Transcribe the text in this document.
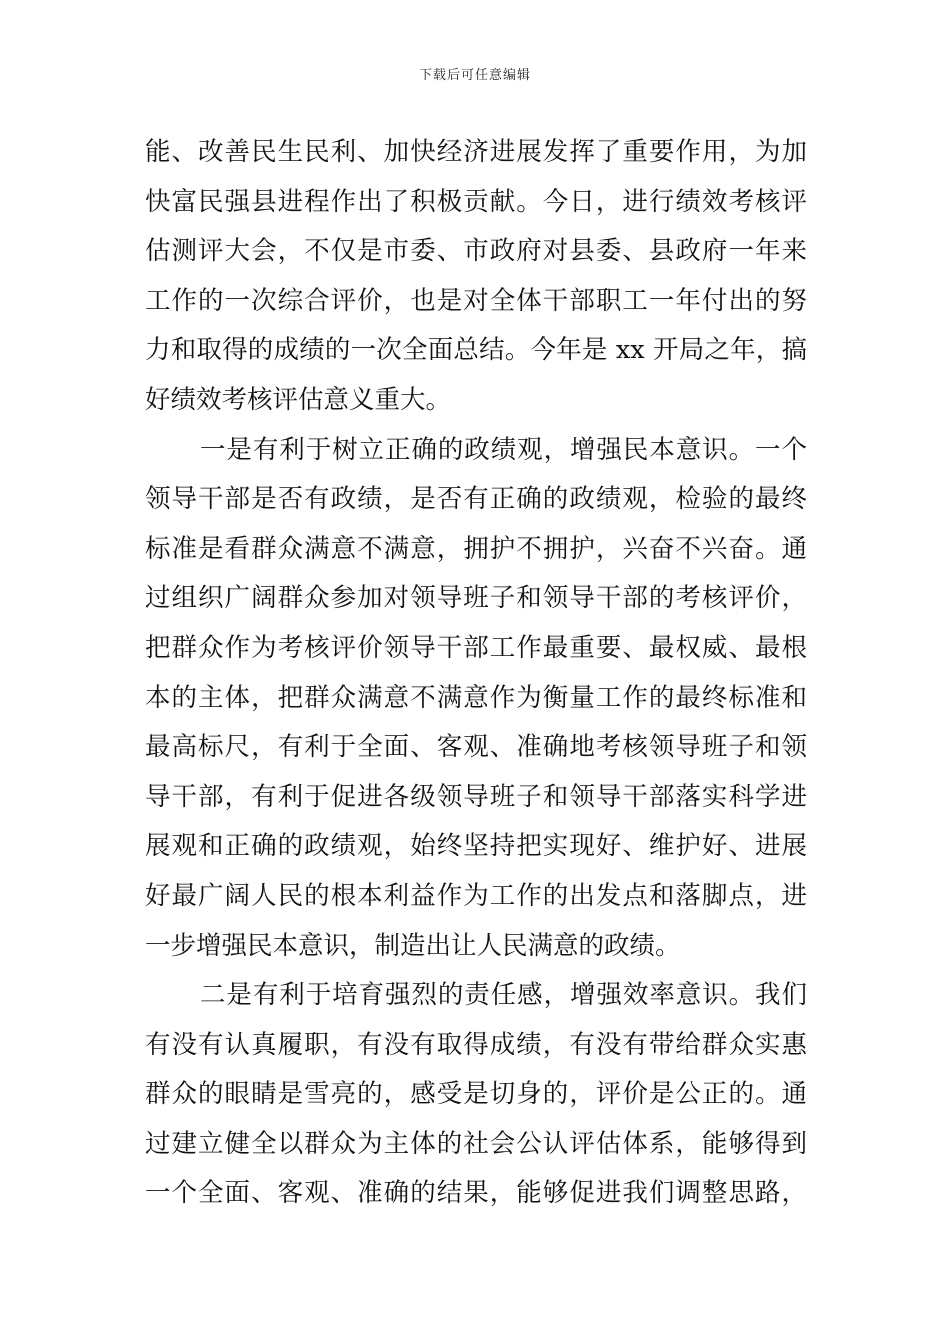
下载后可任意编辑
能、改善民生民利、加快经济进展发挥了重要作用，为加
快富民强县进程作出了积极贡献。今日，进行绩效考核评
估测评大会，不仅是市委、市政府对县委、县政府一年来
工作的一次综合评价，也是对全体干部职工一年付出的努
力和取得的成绩的一次全面总结。今年是 xx 开局之年，搞
好绩效考核评估意义重大。
一是有利于树立正确的政绩观，增强民本意识。一个
领导干部是否有政绩，是否有正确的政绩观，检验的最终
标准是看群众满意不满意，拥护不拥护，兴奋不兴奋。通
过组织广阔群众参加对领导班子和领导干部的考核评价，
把群众作为考核评价领导干部工作最重要、最权威、最根
本的主体，把群众满意不满意作为衡量工作的最终标准和
最高标尺，有利于全面、客观、准确地考核领导班子和领
导干部，有利于促进各级领导班子和领导干部落实科学进
展观和正确的政绩观，始终坚持把实现好、维护好、进展
好最广阔人民的根本利益作为工作的出发点和落脚点，进
一步增强民本意识，制造出让人民满意的政绩。
二是有利于培育强烈的责任感，增强效率意识。我们
有没有认真履职，有没有取得成绩，有没有带给群众实惠
群众的眼睛是雪亮的，感受是切身的，评价是公正的。通
过建立健全以群众为主体的社会公认评估体系，能够得到
一个全面、客观、准确的结果，能够促进我们调整思路，
